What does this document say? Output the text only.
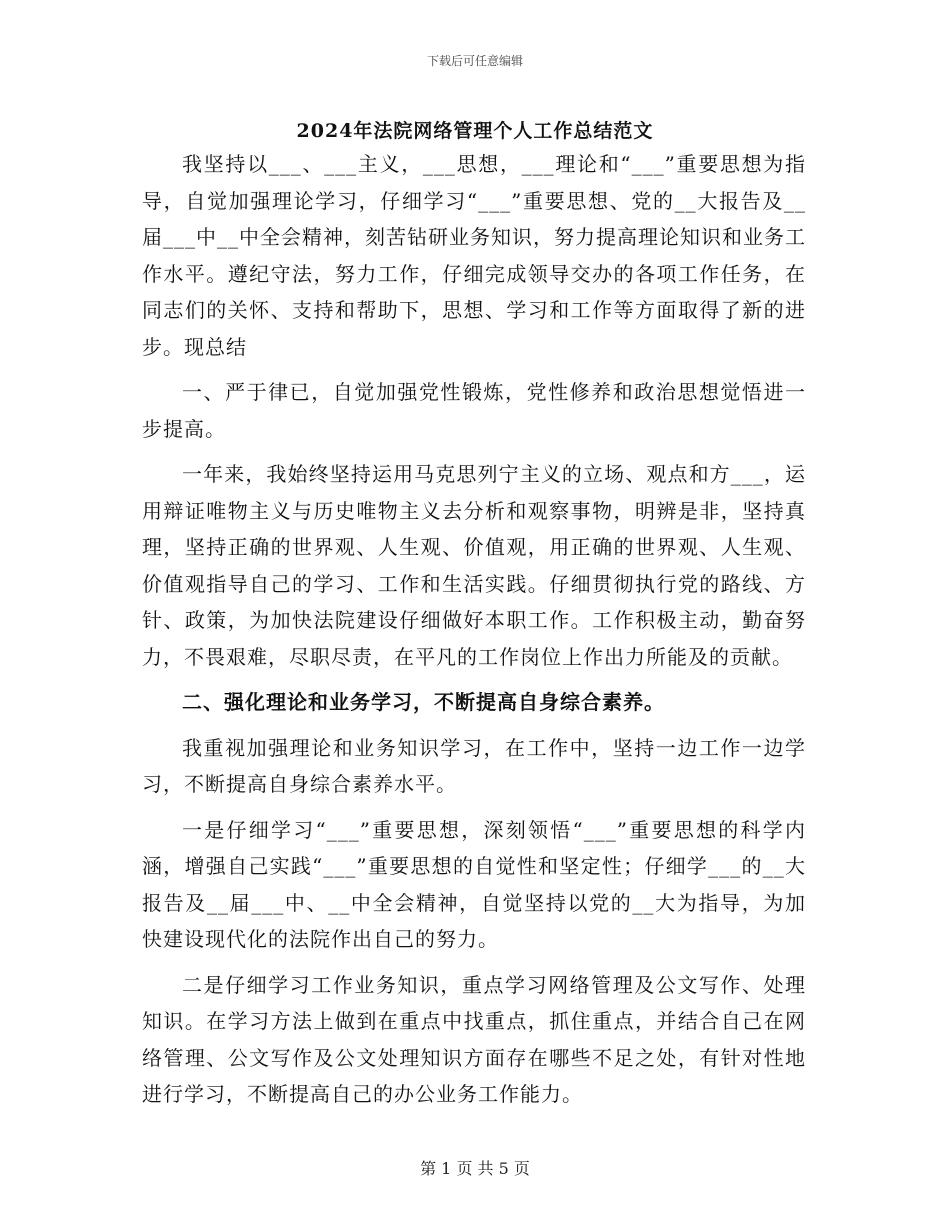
下载后可任意编辑
2024年法院网络管理个人工作总结范文

我坚持以___、___主义，___思想，___理论和“___”重要思想为指导，自觉加强理论学习，仔细学习“___”重要思想、党的__大报告及__届___中__中全会精神，刻苦钻研业务知识，努力提高理论知识和业务工作水平。遵纪守法，努力工作，仔细完成领导交办的各项工作任务，在同志们的关怀、支持和帮助下，思想、学习和工作等方面取得了新的进步。现总结

一、严于律已，自觉加强党性锻炼，党性修养和政治思想觉悟进一步提高。

一年来，我始终坚持运用马克思列宁主义的立场、观点和方___，运用辩证唯物主义与历史唯物主义去分析和观察事物，明辨是非，坚持真理，坚持正确的世界观、人生观、价值观，用正确的世界观、人生观、价值观指导自己的学习、工作和生活实践。仔细贯彻执行党的路线、方针、政策，为加快法院建设仔细做好本职工作。工作积极主动，勤奋努力，不畏艰难，尽职尽责，在平凡的工作岗位上作出力所能及的贡献。

二、强化理论和业务学习，不断提高自身综合素养。

我重视加强理论和业务知识学习，在工作中，坚持一边工作一边学习，不断提高自身综合素养水平。

一是仔细学习“___”重要思想，深刻领悟“___”重要思想的科学内涵，增强自己实践“___”重要思想的自觉性和坚定性；仔细学___的__大报告及__届___中、__中全会精神，自觉坚持以党的__大为指导，为加快建设现代化的法院作出自己的努力。

二是仔细学习工作业务知识，重点学习网络管理及公文写作、处理知识。在学习方法上做到在重点中找重点，抓住重点，并结合自己在网络管理、公文写作及公文处理知识方面存在哪些不足之处，有针对性地进行学习，不断提高自己的办公业务工作能力。

第 1 页 共 5 页
